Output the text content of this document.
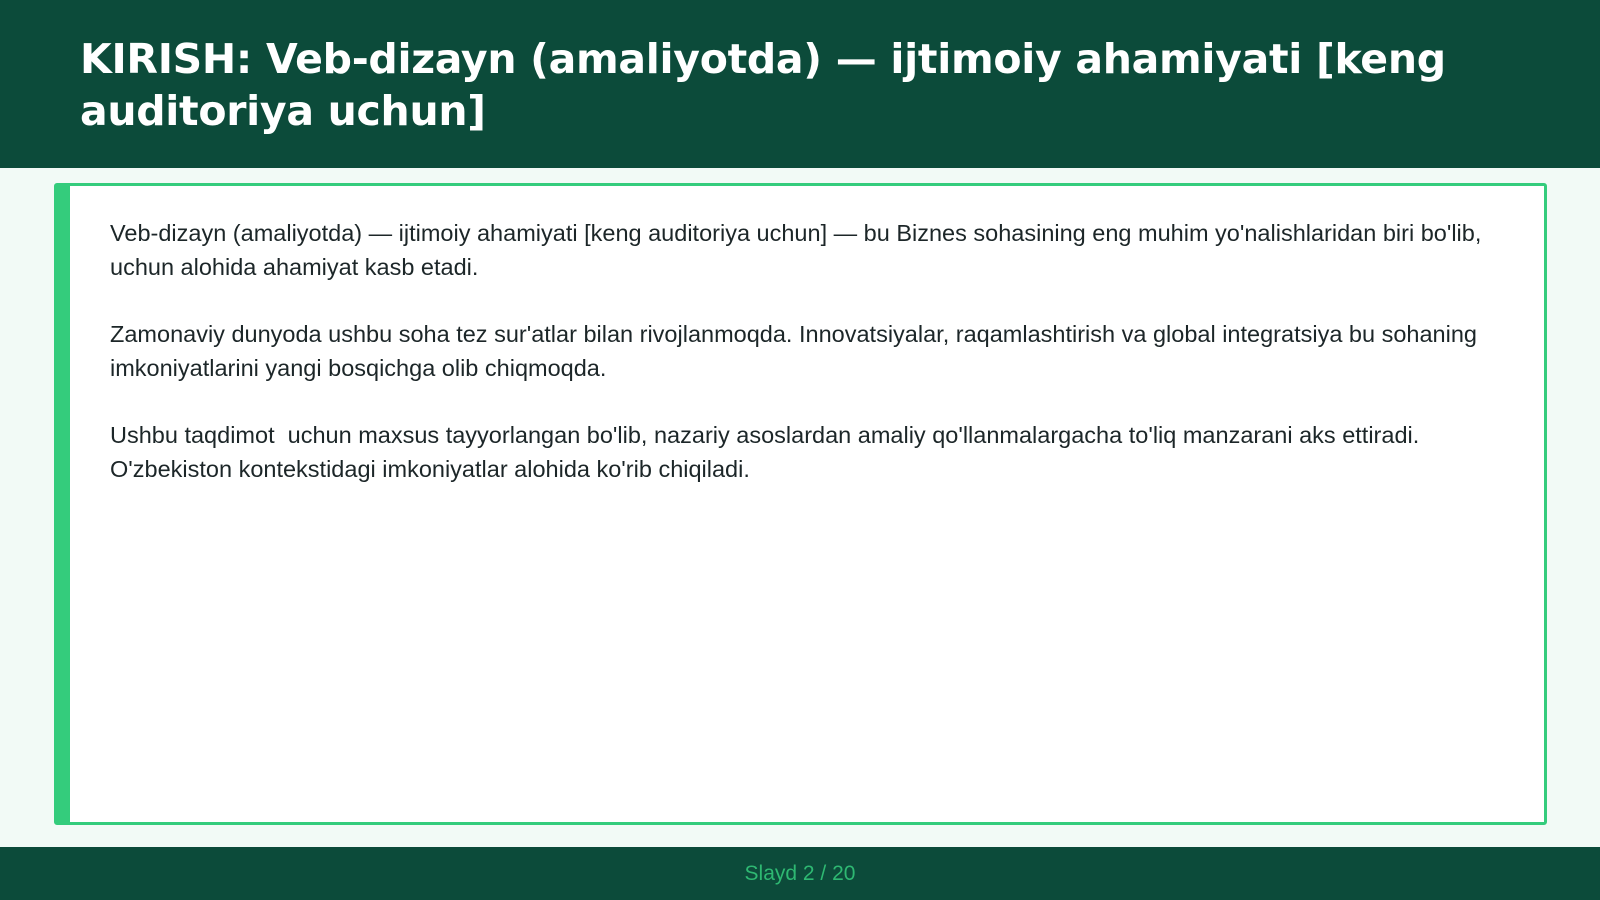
KIRISH: Veb-dizayn (amaliyotda) — ijtimoiy ahamiyati [keng auditoriya uchun]

Veb-dizayn (amaliyotda) — ijtimoiy ahamiyati [keng auditoriya uchun] — bu Biznes sohasining eng muhim yo'nalishlaridan biri bo'lib,  uchun alohida ahamiyat kasb etadi.

Zamonaviy dunyoda ushbu soha tez sur'atlar bilan rivojlanmoqda. Innovatsiyalar, raqamlashtirish va global integratsiya bu sohaning imkoniyatlarini yangi bosqichga olib chiqmoqda.

Ushbu taqdimot  uchun maxsus tayyorlangan bo'lib, nazariy asoslardan amaliy qo'llanmalargacha to'liq manzarani aks ettiradi. O'zbekiston kontekstidagi imkoniyatlar alohida ko'rib chiqiladi.

Slayd 2 / 20
